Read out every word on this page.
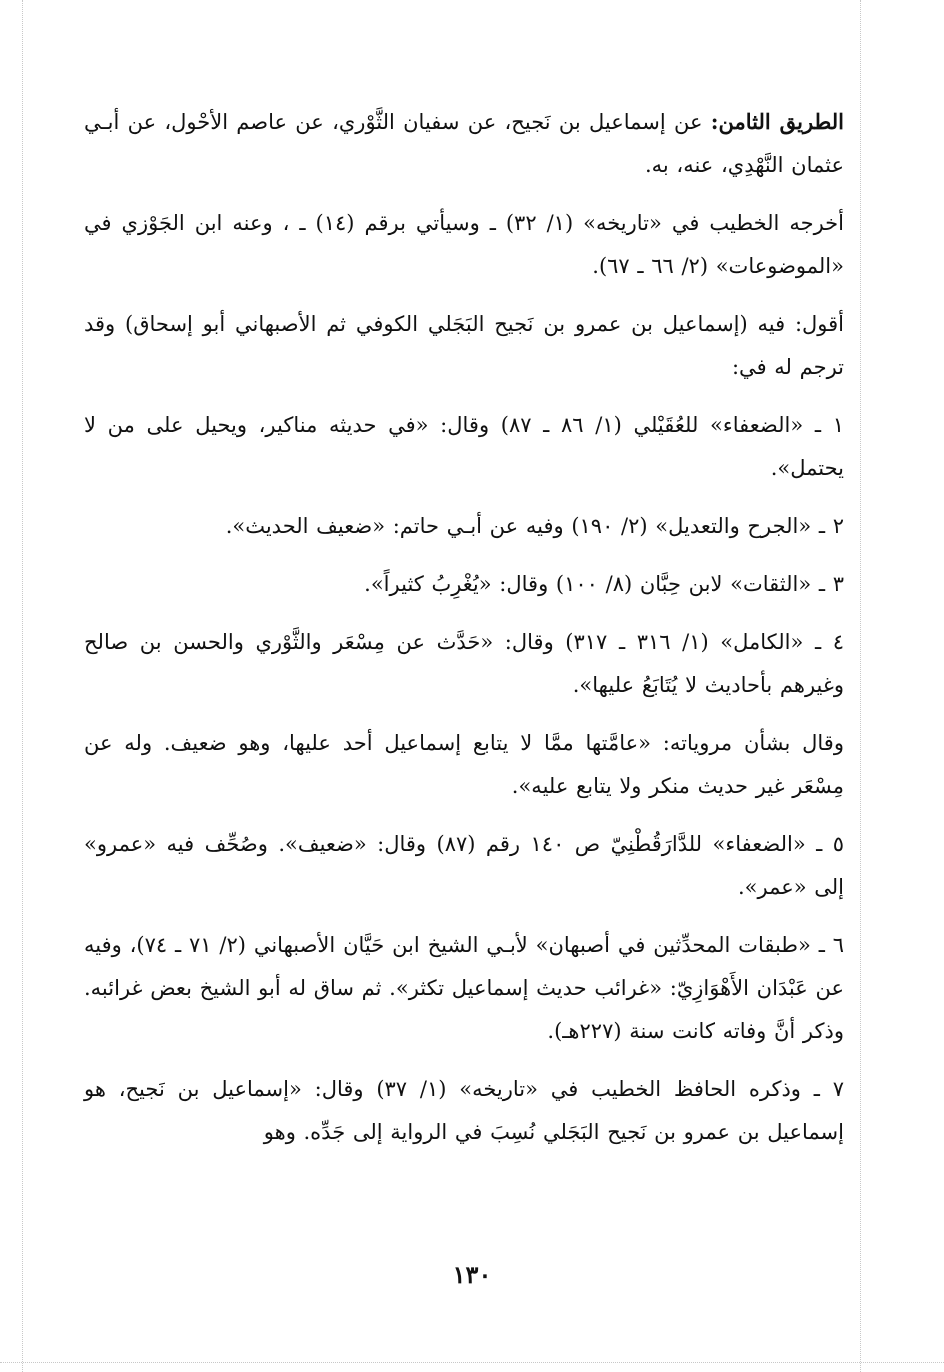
الطريق الثامن: عن إسماعيل بن نَجيح، عن سفيان الثَّوْري، عن عاصم الأحْول، عن أبـي عثمان النَّهْدِي، عنه، به.

أخرجه الخطيب في «تاريخه» (١/ ٣٢) ـ وسيأتي برقم (١٤) ـ ، وعنه ابن الجَوْزي في «الموضوعات» (٢/ ٦٦ ـ ٦٧).

أقول: فيه (إسماعيل بن عمرو بن نَجيح البَجَلي الكوفي ثم الأصبهاني أبو إسحاق) وقد ترجم له في:

١ ـ «الضعفاء» للعُقَيْلي (١/ ٨٦ ـ ٨٧) وقال: «في حديثه مناكير، ويحيل على من لا يحتمل».

٢ ـ «الجرح والتعديل» (٢/ ١٩٠) وفيه عن أبـي حاتم: «ضعيف الحديث».

٣ ـ «الثقات» لابن حِبَّان (٨/ ١٠٠) وقال: «يُغْرِبُ كثيراً».

٤ ـ «الكامل» (١/ ٣١٦ ـ ٣١٧) وقال: «حَدَّث عن مِسْعَر والثَّوْري والحسن بن صالح وغيرهم بأحاديث لا يُتَابَعُ عليها».

وقال بشأن مروياته: «عامَّتها ممَّا لا يتابع إسماعيل أحد عليها، وهو ضعيف. وله عن مِسْعَر غير حديث منكر ولا يتابع عليه».

٥ ـ «الضعفاء» للدَّارَقُطْنِيّ ص ١٤٠ رقم (٨٧) وقال: «ضعيف». وصُحِّف فيه «عمرو» إلى «عمر».

٦ ـ «طبقات المحدِّثين في أصبهان» لأبـي الشيخ ابن حَيَّان الأصبهاني (٢/ ٧١ ـ ٧٤)، وفيه عن عَبْدَان الأَهْوَازِيّ: «غرائب حديث إسماعيل تكثر». ثم ساق له أبو الشيخ بعض غرائبه. وذكر أنَّ وفاته كانت سنة (٢٢٧هـ).

٧ ـ وذكره الحافظ الخطيب في «تاريخه» (١/ ٣٧) وقال: «إسماعيل بن نَجيح، هو إسماعيل بن عمرو بن نَجيح البَجَلي نُسِبَ في الرواية إلى جَدِّه. وهو

١٣٠
